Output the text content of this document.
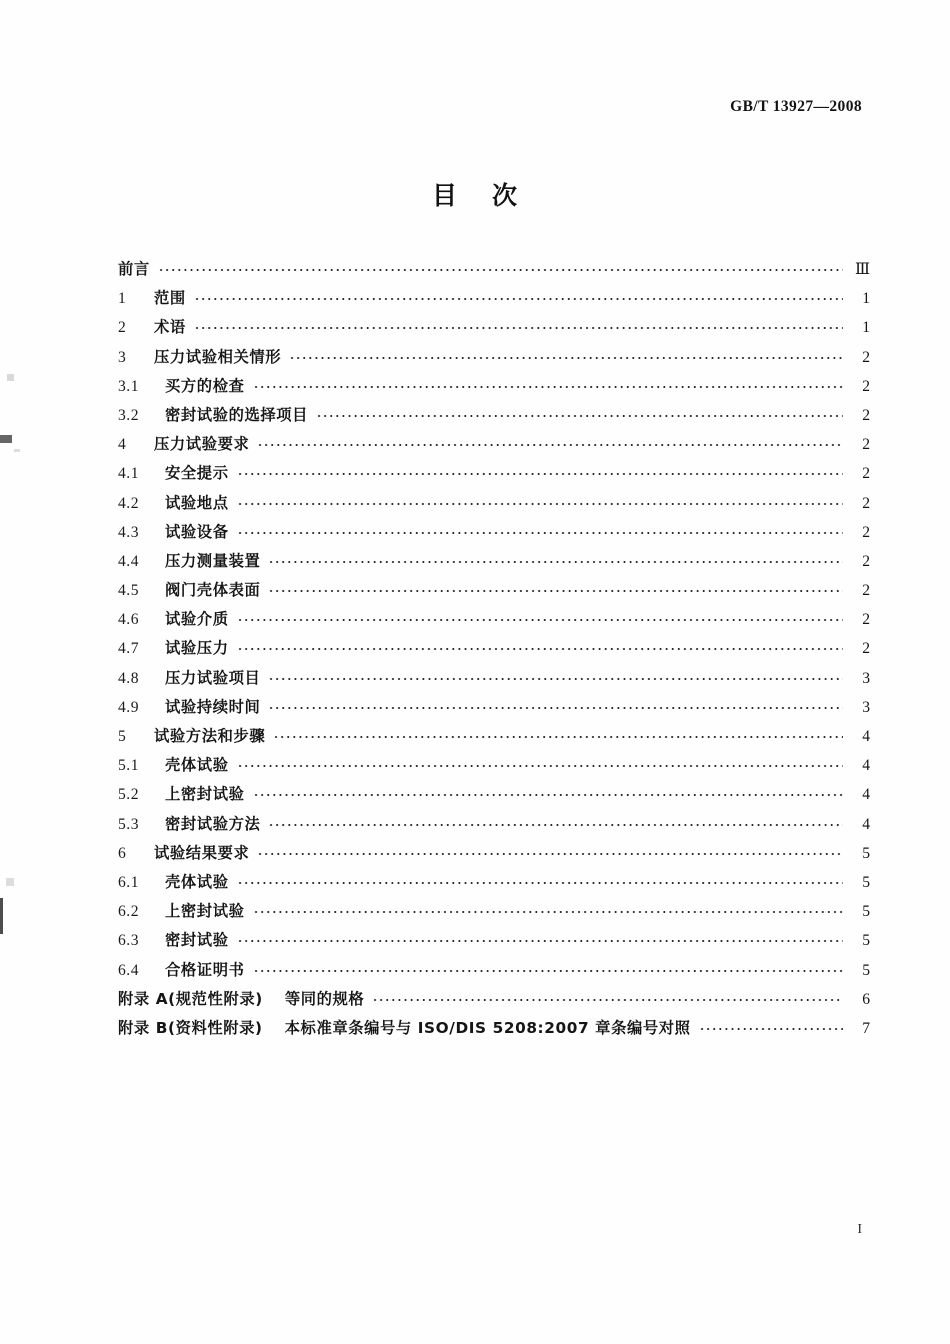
GB/T 13927—2008
目 次
前言	Ⅲ
1	范围	1
2	术语	1
3	压力试验相关情形	2
3.1	买方的检查	2
3.2	密封试验的选择项目	2
4	压力试验要求	2
4.1	安全提示	2
4.2	试验地点	2
4.3	试验设备	2
4.4	压力测量装置	2
4.5	阀门壳体表面	2
4.6	试验介质	2
4.7	试验压力	2
4.8	压力试验项目	3
4.9	试验持续时间	3
5	试验方法和步骤	4
5.1	壳体试验	4
5.2	上密封试验	4
5.3	密封试验方法	4
6	试验结果要求	5
6.1	壳体试验	5
6.2	上密封试验	5
6.3	密封试验	5
6.4	合格证明书	5
附录 A(规范性附录) 等同的规格	6
附录 B(资料性附录) 本标准章条编号与 ISO/DIS 5208:2007 章条编号对照	7
I
